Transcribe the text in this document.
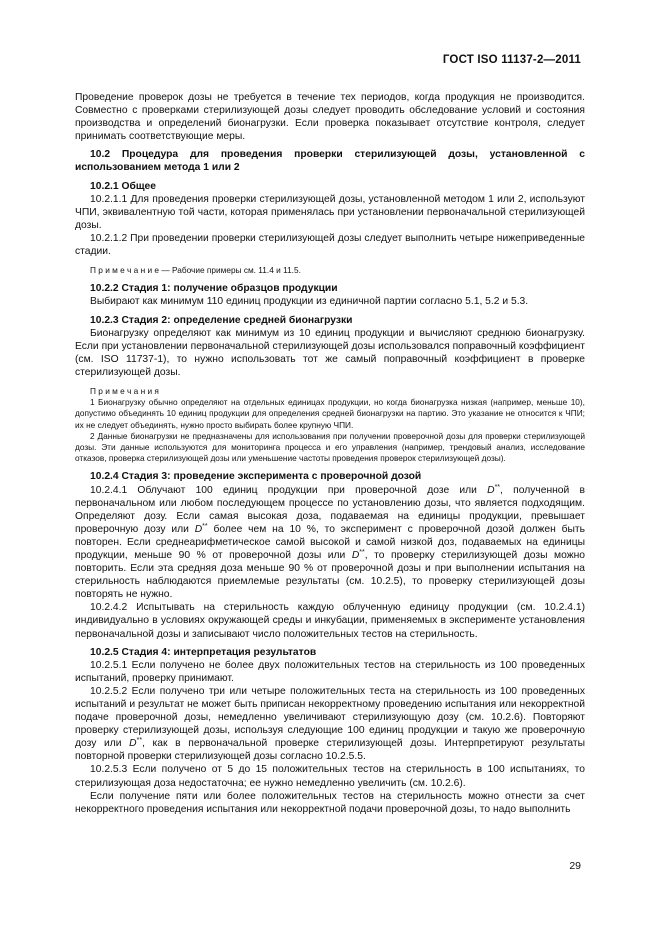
ГОСТ ISO 11137-2—2011

Проведение проверок дозы не требуется в течение тех периодов, когда продукция не производится. Совместно с проверками стерилизующей дозы следует проводить обследование условий и состояния производства и определений бионагрузки. Если проверка показывает отсутствие контроля, следует принимать соответствующие меры.

10.2 Процедура для проведения проверки стерилизующей дозы, установленной с использованием метода 1 или 2

10.2.1 Общее

10.2.1.1 Для проведения проверки стерилизующей дозы, установленной методом 1 или 2, используют ЧПИ, эквивалентную той части, которая применялась при установлении первоначальной стерилизующей дозы.

10.2.1.2 При проведении проверки стерилизующей дозы следует выполнить четыре нижеприведенные стадии.

П р и м е ч а н и е — Рабочие примеры см. 11.4 и 11.5.

10.2.2 Стадия 1: получение образцов продукции

Выбирают как минимум 110 единиц продукции из единичной партии согласно 5.1, 5.2 и 5.3.

10.2.3 Стадия 2: определение средней бионагрузки

Бионагрузку определяют как минимум из 10 единиц продукции и вычисляют среднюю бионагрузку. Если при установлении первоначальной стерилизующей дозы использовался поправочный коэффициент (см. ISO 11737-1), то нужно использовать тот же самый поправочный коэффициент в проверке стерилизующей дозы.

П р и м е ч а н и я

1 Бионагрузку обычно определяют на отдельных единицах продукции, но когда бионагрузка низкая (например, меньше 10), допустимо объединять 10 единиц продукции для определения средней бионагрузки на партию. Это указание не относится к ЧПИ; их не следует объединять, нужно просто выбирать более крупную ЧПИ.

2 Данные бионагрузки не предназначены для использования при получении проверочной дозы для проверки стерилизующей дозы. Эти данные используются для мониторинга процесса и его управления (например, трендовый анализ, исследование отказов, проверка стерилизующей дозы или уменьшение частоты проведения проверок стерилизующей дозы).

10.2.4 Стадия 3: проведение эксперимента с проверочной дозой

10.2.4.1 Облучают 100 единиц продукции при проверочной дозе или D**, полученной в первоначальном или любом последующем процессе по установлению дозы, что является подходящим. Определяют дозу. Если самая высокая доза, подаваемая на единицы продукции, превышает проверочную дозу или D** более чем на 10 %, то эксперимент с проверочной дозой должен быть повторен. Если среднеарифметическое самой высокой и самой низкой доз, подаваемых на единицы продукции, меньше 90 % от проверочной дозы или D**, то проверку стерилизующей дозы можно повторить. Если эта средняя доза меньше 90 % от проверочной дозы и при выполнении испытания на стерильность наблюдаются приемлемые результаты (см. 10.2.5), то проверку стерилизующей дозы повторять не нужно.

10.2.4.2 Испытывать на стерильность каждую облученную единицу продукции (см. 10.2.4.1) индивидуально в условиях окружающей среды и инкубации, применяемых в эксперименте установления первоначальной дозы и записывают число положительных тестов на стерильность.

10.2.5 Стадия 4: интерпретация результатов

10.2.5.1 Если получено не более двух положительных тестов на стерильность из 100 проведенных испытаний, проверку принимают.

10.2.5.2 Если получено три или четыре положительных теста на стерильность из 100 проведенных испытаний и результат не может быть приписан некорректному проведению испытания или некорректной подаче проверочной дозы, немедленно увеличивают стерилизующую дозу (см. 10.2.6). Повторяют проверку стерилизующей дозы, используя следующие 100 единиц продукции и такую же проверочную дозу или D**, как в первоначальной проверке стерилизующей дозы. Интерпретируют результаты повторной проверки стерилизующей дозы согласно 10.2.5.5.

10.2.5.3 Если получено от 5 до 15 положительных тестов на стерильность в 100 испытаниях, то стерилизующая доза недостаточна; ее нужно немедленно увеличить (см. 10.2.6).

Если получение пяти или более положительных тестов на стерильность можно отнести за счет некорректного проведения испытания или некорректной подачи проверочной дозы, то надо выполнить

29
